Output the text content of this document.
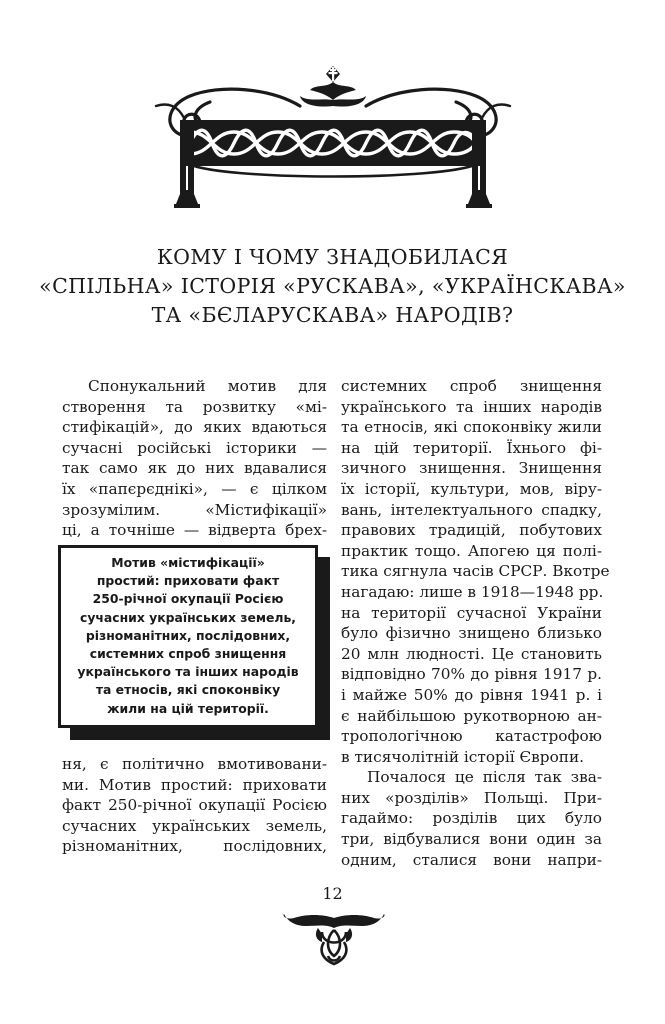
КОМУ І ЧОМУ ЗНАДОБИЛАСЯ
«СПІЛЬНА» ІСТОРІЯ «РУСКАВА», «УКРАЇНСКАВА»
ТА «БЄЛАРУСКАВА» НАРОДІВ?
Спонукальний мотив для
створення та розвитку «мі-
стифікацій», до яких вдаються
сучасні російські історики —
так само як до них вдавалися
їх «папєрєднікі», — є цілком
зрозумілим. «Містифікації»
ці, а точніше — відверта брех-
Мотив «містифікації»
простий: приховати факт
250-річної окупації Росією
сучасних українських земель,
різноманітних, послідовних,
системних спроб знищення
українського та інших народів
та етносів, які споконвіку
жили на цій території.
ня, є політично вмотивовани-
ми. Мотив простий: приховати
факт 250-річної окупації Росією
сучасних українських земель,
різноманітних, послідовних,
системних спроб знищення
українського та інших народів
та етносів, які споконвіку жили
на цій території. Їхнього фі-
зичного знищення. Знищення
їх історії, культури, мов, віру-
вань, інтелектуального спадку,
правових традицій, побутових
практик тощо. Апогею ця полі-
тика сягнула часів СРСР. Вкотре
нагадаю: лише в 1918—1948 рр.
на території сучасної України
було фізично знищено близько
20 млн людності. Це становить
відповідно 70% до рівня 1917 р.
і майже 50% до рівня 1941 р. і
є найбільшою рукотворною ан-
тропологічною катастрофою
в тисячолітній історії Європи.
Почалося це після так зва-
них «розділів» Польщі. При-
гадаймо: розділів цих було
три, відбувалися вони один за
одним, сталися вони напри-
12
